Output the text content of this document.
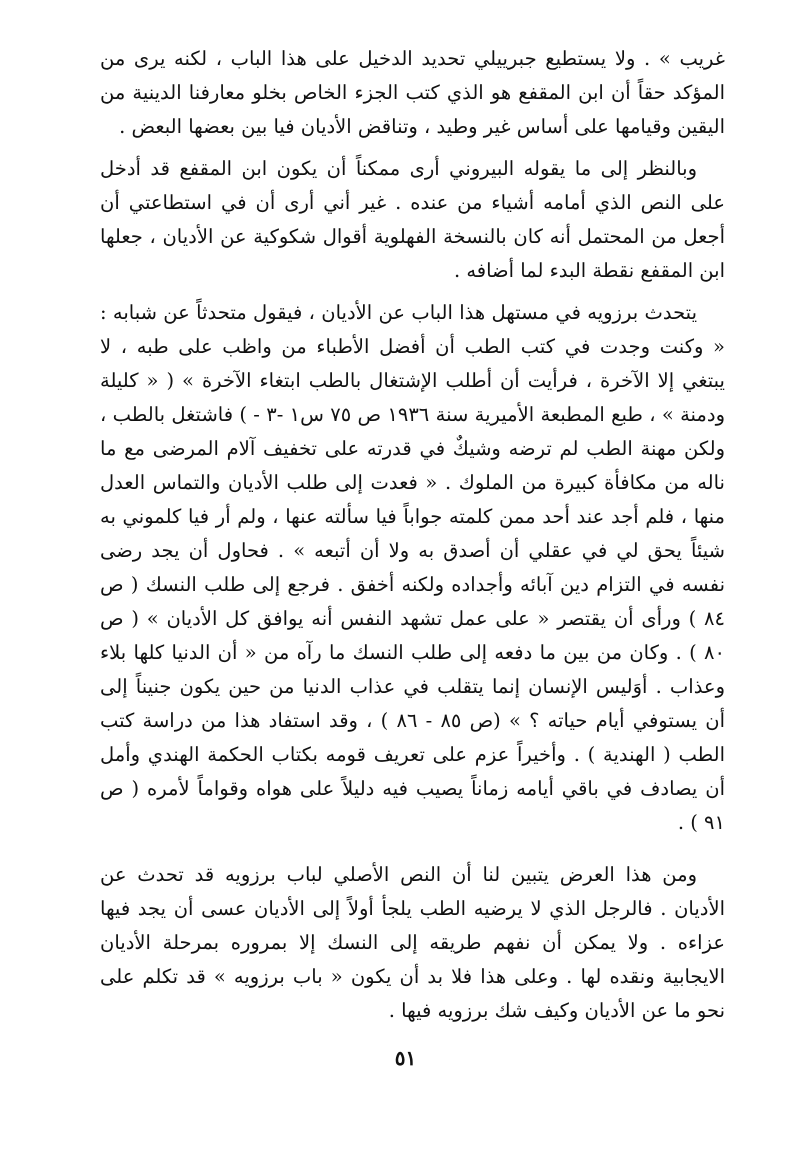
غريب » . ولا يستطيع جبرييلي تحديد الدخيل على هذا الباب ، لكنه يرى من المؤكد حقاً أن ابن المقفع هو الذي كتب الجزء الخاص بخلو معارفنا الدينية من اليقين وقيامها على أساس غير وطيد ، وتناقض الأديان فيا بين بعضها البعض .

وبالنظر إلى ما يقوله البيروني أرى ممكناً أن يكون ابن المقفع قد أدخل على النص الذي أمامه أشياء من عنده . غير أني أرى أن في استطاعتي أن أجعل من المحتمل أنه كان بالنسخة الفهلوية أقوال شكوكية عن الأديان ، جعلها ابن المقفع نقطة البدء لما أضافه .

يتحدث برزويه في مستهل هذا الباب عن الأديان ، فيقول متحدثاً عن شبابه : « وكنت وجدت في كتب الطب أن أفضل الأطباء من واظب على طبه ، لا يبتغي إلا الآخرة ، فرأيت أن أطلب الإشتغال بالطب ابتغاء الآخرة » ( « كليلة ودمنة » ، طبع المطبعة الأميرية سنة ١٩٣٦ ص ٧٥ س١ -٣ - ) فاشتغل بالطب ، ولكن مهنة الطب لم ترضه وشيكٌ في قدرته على تخفيف آلام المرضى مع ما ناله من مكافأة كبيرة من الملوك . « فعدت إلى طلب الأديان والتماس العدل منها ، فلم أجد عند أحد ممن كلمته جواباً فيا سألته عنها ، ولم أر فيا كلموني به شيئاً يحق لي في عقلي أن أصدق به ولا أن أتبعه » . فحاول أن يجد رضى نفسه في التزام دين آبائه وأجداده ولكنه أخفق . فرجع إلى طلب النسك ( ص ٨٤ ) ورأى أن يقتصر « على عمل تشهد النفس أنه يوافق كل الأديان » ( ص ٨٠ ) . وكان من بين ما دفعه إلى طلب النسك ما رآه من « أن الدنيا كلها بلاء وعذاب . أوَليس الإنسان إنما يتقلب في عذاب الدنيا من حين يكون جنيناً إلى أن يستوفي أيام حياته ؟ » (ص ٨٥ - ٨٦ ) ، وقد استفاد هذا من دراسة كتب الطب ( الهندية ) . وأخيراً عزم على تعريف قومه بكتاب الحكمة الهندي وأمل أن يصادف في باقي أيامه زماناً يصيب فيه دليلاً على هواه وقواماً لأمره ( ص ٩١ ) .

ومن هذا العرض يتبين لنا أن النص الأصلي لباب برزويه قد تحدث عن الأديان . فالرجل الذي لا يرضيه الطب يلجأ أولاً إلى الأديان عسى أن يجد فيها عزاءه . ولا يمكن أن نفهم طريقه إلى النسك إلا بمروره بمرحلة الأديان الايجابية ونقده لها . وعلى هذا فلا بد أن يكون « باب برزويه » قد تكلم على نحو ما عن الأديان وكيف شك برزويه فيها .

٥١
